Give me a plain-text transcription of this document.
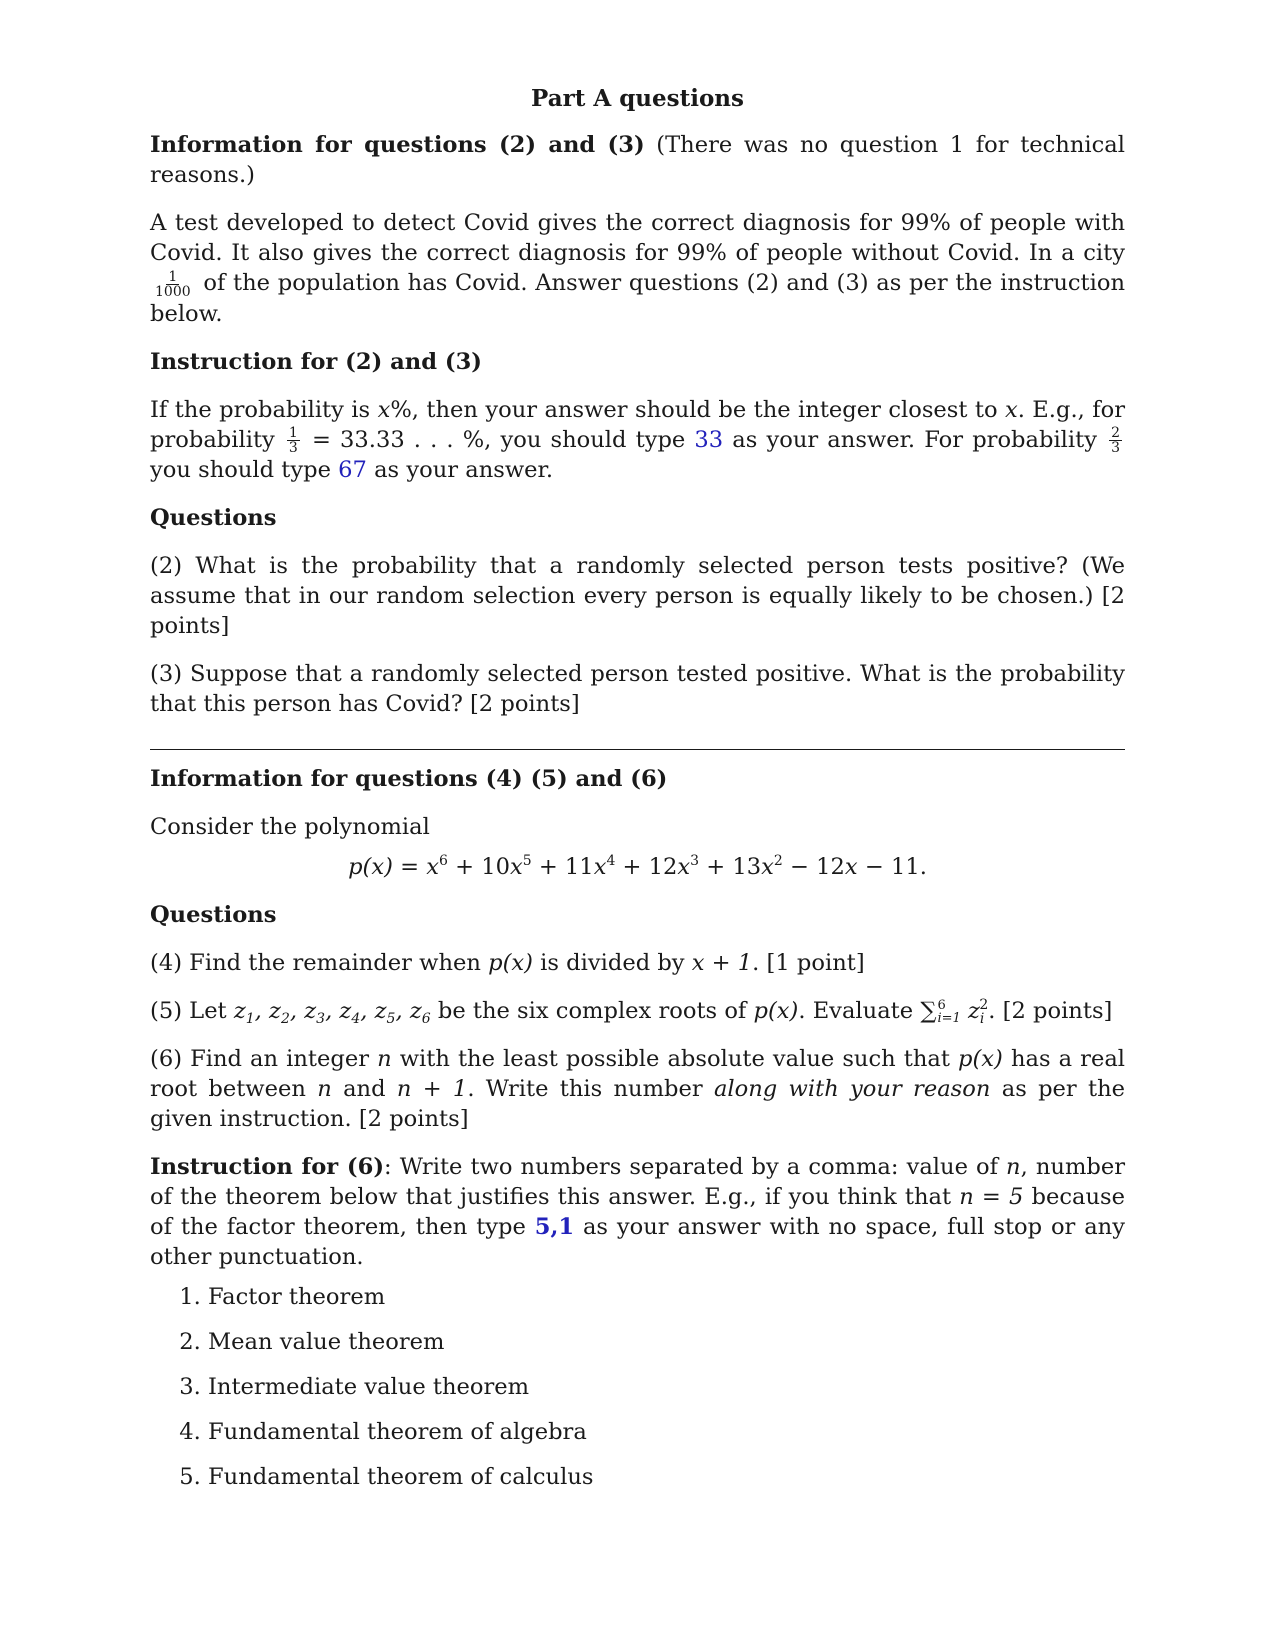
Part A questions

Information for questions (2) and (3) (There was no question 1 for technical reasons.)

A test developed to detect Covid gives the correct diagnosis for 99% of people with Covid. It also gives the correct diagnosis for 99% of people without Covid. In a city
$\frac{1}{1000}$ of the population has Covid. Answer questions (2) and (3) as per the instruction below.

Instruction for (2) and (3)

If the probability is x%, then your answer should be the integer closest to x. E.g., for probability $\frac{1}{3} = 33.33$ . . . %, you should type 33 as your answer. For probability $\frac{2}{3}$
you should type 67 as your answer.

Questions

(2) What is the probability that a randomly selected person tests positive? (We assume that in our random selection every person is equally likely to be chosen.) [2 points]

(3) Suppose that a randomly selected person tested positive. What is the probability that this person has Covid? [2 points]

Information for questions (4) (5) and (6)
Consider the polynomial
$p(x) = x^6 + 10x^5 + 11x^4 + 12x^3 + 13x^2 - 12x - 11$.
Questions

(4) Find the remainder when p(x) is divided by x + 1. [1 point]

(5) Let $z_1$, $z_2$, $z_3$, $z_4$, $z_5$, $z_6$ be the six complex roots of p(x). Evaluate ∑ 6
i=1 $z_i^2$. [2 points]

(6) Find an integer n with the least possible absolute value such that p(x) has a real root between n and n + 1. Write this number along with your reason as per the given instruction. [2 points]

Instruction for (6): Write two numbers separated by a comma: value of n, number of the theorem below that justifies this answer. E.g., if you think that n = 5 because of the factor theorem, then type 5,1 as your answer with no space, full stop or any other punctuation.

1. Factor theorem
2. Mean value theorem
3. Intermediate value theorem
4. Fundamental theorem of algebra
5. Fundamental theorem of calculus
